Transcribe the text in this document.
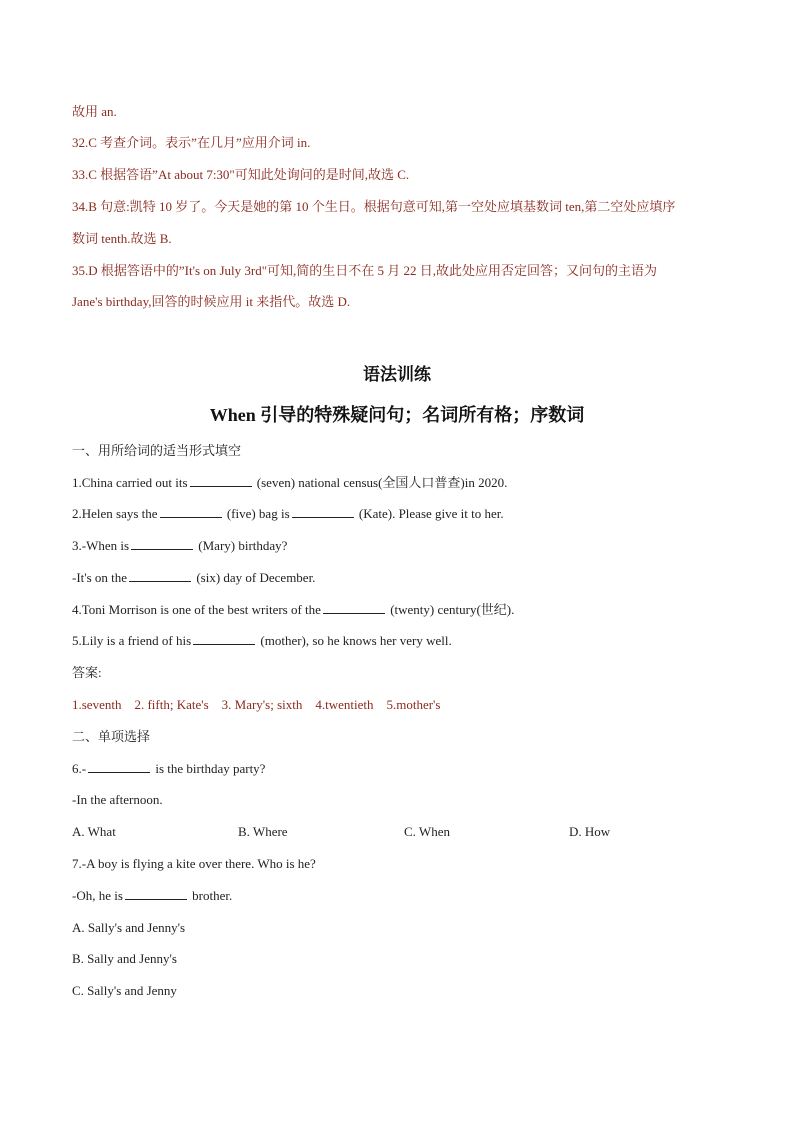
故用 an.
32.C 考查介词。表示”在几月”应用介词 in.
33.C 根据答语”At about 7:30"可知此处询问的是时间,故选 C.
34.B 句意:凯特 10 岁了。今天是她的第 10 个生日。根据句意可知,第一空处应填基数词 ten,第二空处应填序
数词 tenth.故选 B.
35.D 根据答语中的”It's on July 3rd"可知,简的生日不在 5 月 22 日,故此处应用否定回答；又问句的主语为
Jane's birthday,回答的时候应用 it 来指代。故选 D.
语法训练
When 引导的特殊疑问句；名词所有格；序数词
一、用所给词的适当形式填空
1.China carried out its	(seven) national census(全国人口普查)in 2020.
2.Helen says the	(five) bag is	(Kate). Please give it to her.
3.-When is	(Mary) birthday?
-It's on the	(six) day of December.
4.Toni Morrison is one of the best writers of the	(twenty) century(世纪).
5.Lily is a friend of his	(mother), so he knows her very well.
答案:
1.seventh    2. fifth; Kate's    3. Mary's; sixth    4.twentieth    5.mother's
二、单项选择
6.-	is the birthday party?
-In the afternoon.
A. What	B. Where	C. When	D. How
7.-A boy is flying a kite over there. Who is he?
-Oh, he is	brother.
A. Sally's and Jenny's
B. Sally and Jenny's
C. Sally's and Jenny
